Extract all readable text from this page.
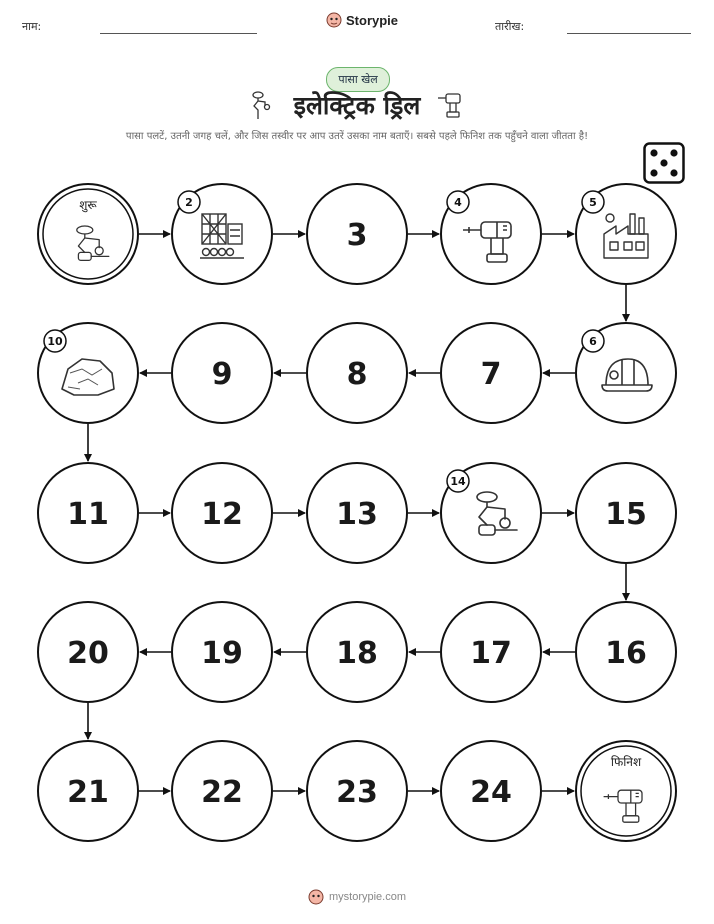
नाम:	Storypie	तारीख:
पासा खेल
इलेक्ट्रिक ड्रिल
पासा पलटें, उतनी जगह चलें, और जिस तस्वीर पर आप उतरें उसका नाम बताएँ। सबसे पहले फिनिश तक पहुँचने वाला जीतता है!
शुरू	2
3
4	5
10
9	8	7
6
11	12	13
14
15
20	19	18	17	16
21	22	23	24
फिनिश
mystorypie.com
